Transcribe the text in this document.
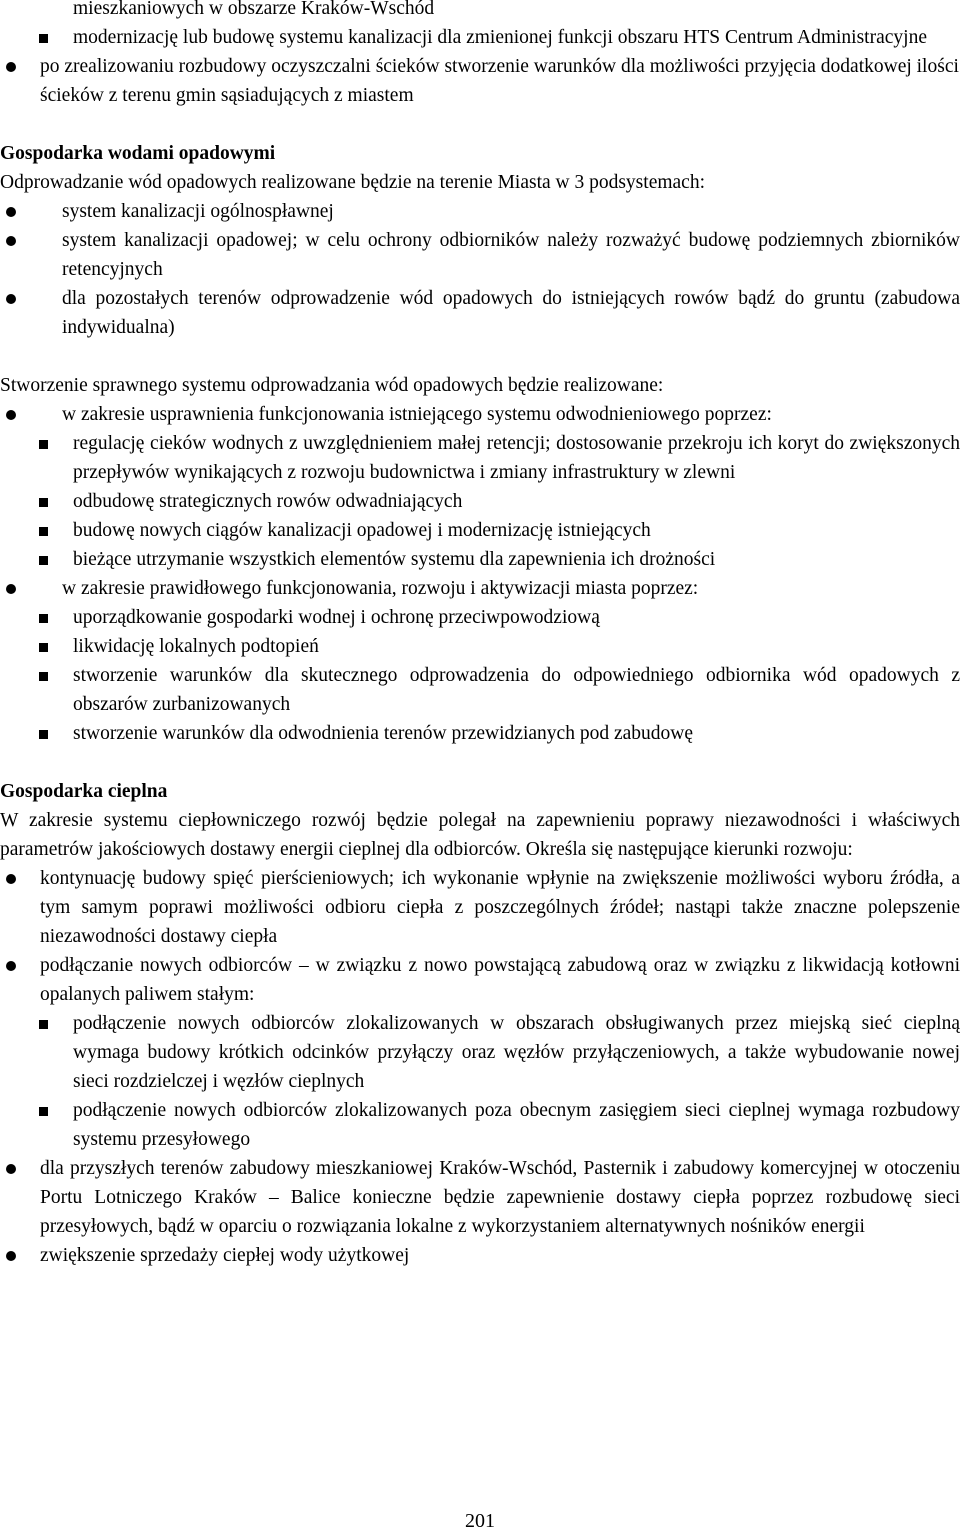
mieszkaniowych w obszarze Kraków-Wschód
modernizację lub budowę systemu kanalizacji dla zmienionej funkcji obszaru HTS Centrum Administracyjne
po zrealizowaniu rozbudowy oczyszczalni ścieków stworzenie warunków dla możliwości przyjęcia dodatkowej ilości ścieków z terenu gmin sąsiadujących z miastem
Gospodarka wodami opadowymi
Odprowadzanie wód opadowych realizowane będzie na terenie Miasta w 3 podsystemach:
system kanalizacji ogólnospławnej
system kanalizacji opadowej; w celu ochrony odbiorników należy rozważyć budowę podziemnych zbiorników retencyjnych
dla pozostałych terenów odprowadzenie wód opadowych do istniejących rowów bądź do gruntu (zabudowa indywidualna)
Stworzenie sprawnego systemu odprowadzania wód opadowych będzie realizowane:
w zakresie usprawnienia funkcjonowania istniejącego systemu odwodnieniowego poprzez:
regulację cieków wodnych z uwzględnieniem małej retencji; dostosowanie przekroju ich koryt do zwiększonych przepływów wynikających z rozwoju budownictwa i zmiany infrastruktury w zlewni
odbudowę strategicznych rowów odwadniających
budowę nowych ciągów kanalizacji opadowej i modernizację istniejących
bieżące utrzymanie wszystkich elementów systemu dla zapewnienia ich drożności
w zakresie prawidłowego funkcjonowania, rozwoju i aktywizacji miasta poprzez:
uporządkowanie gospodarki wodnej i ochronę przeciwpowodziową
likwidację lokalnych podtopień
stworzenie warunków dla skutecznego odprowadzenia do odpowiedniego odbiornika wód opadowych z obszarów zurbanizowanych
stworzenie warunków dla odwodnienia terenów przewidzianych pod zabudowę
Gospodarka cieplna
W zakresie systemu ciepłowniczego rozwój będzie polegał na zapewnieniu poprawy niezawodności i właściwych parametrów jakościowych dostawy energii cieplnej dla odbiorców. Określa się następujące kierunki rozwoju:
kontynuację budowy spięć pierścieniowych; ich wykonanie wpłynie na zwiększenie możliwości wyboru źródła, a tym samym poprawi możliwości odbioru ciepła z poszczególnych źródeł; nastąpi także znaczne polepszenie niezawodności dostawy ciepła
podłączanie nowych odbiorców – w związku z nowo powstającą zabudową oraz w związku z likwidacją kotłowni opalanych paliwem stałym:
podłączenie nowych odbiorców zlokalizowanych w obszarach obsługiwanych przez miejską sieć cieplną wymaga budowy krótkich odcinków przyłączy oraz węzłów przyłączeniowych, a także wybudowanie nowej sieci rozdzielczej i węzłów cieplnych
podłączenie nowych odbiorców zlokalizowanych poza obecnym zasięgiem sieci cieplnej wymaga rozbudowy systemu przesyłowego
dla przyszłych terenów zabudowy mieszkaniowej Kraków-Wschód, Pasternik i zabudowy komercyjnej w otoczeniu Portu Lotniczego Kraków – Balice konieczne będzie zapewnienie dostawy ciepła poprzez rozbudowę sieci przesyłowych, bądź w oparciu o rozwiązania lokalne z wykorzystaniem alternatywnych nośników energii
zwiększenie sprzedaży ciepłej wody użytkowej
201
